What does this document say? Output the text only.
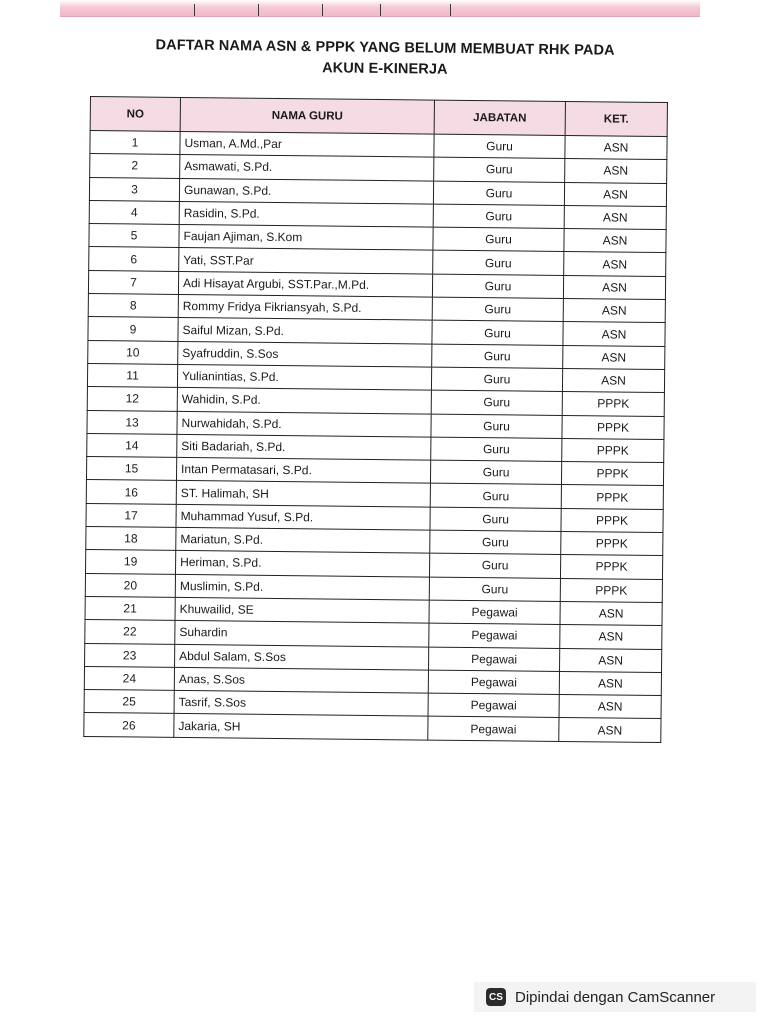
DAFTAR NAMA ASN & PPPK YANG BELUM MEMBUAT RHK PADA
AKUN E-KINERJA
NO	NAMA GURU	JABATAN	KET.
1	Usman, A.Md.,Par	Guru	ASN
2	Asmawati, S.Pd.	Guru	ASN
3	Gunawan, S.Pd.	Guru	ASN
4	Rasidin, S.Pd.	Guru	ASN
5	Faujan Ajiman, S.Kom	Guru	ASN
6	Yati, SST.Par	Guru	ASN
7	Adi Hisayat Argubi, SST.Par.,M.Pd.	Guru	ASN
8	Rommy Fridya Fikriansyah, S.Pd.	Guru	ASN
9	Saiful Mizan, S.Pd.	Guru	ASN
10	Syafruddin, S.Sos	Guru	ASN
11	Yulianintias, S.Pd.	Guru	ASN
12	Wahidin, S.Pd.	Guru	PPPK
13	Nurwahidah, S.Pd.	Guru	PPPK
14	Siti Badariah, S.Pd.	Guru	PPPK
15	Intan Permatasari, S.Pd.	Guru	PPPK
16	ST. Halimah, SH	Guru	PPPK
17	Muhammad Yusuf, S.Pd.	Guru	PPPK
18	Mariatun, S.Pd.	Guru	PPPK
19	Heriman, S.Pd.	Guru	PPPK
20	Muslimin, S.Pd.	Guru	PPPK
21	Khuwailid, SE	Pegawai	ASN
22	Suhardin	Pegawai	ASN
23	Abdul Salam, S.Sos	Pegawai	ASN
24	Anas, S.Sos	Pegawai	ASN
25	Tasrif, S.Sos	Pegawai	ASN
26	Jakaria, SH	Pegawai	ASN
CS Dipindai dengan CamScanner
